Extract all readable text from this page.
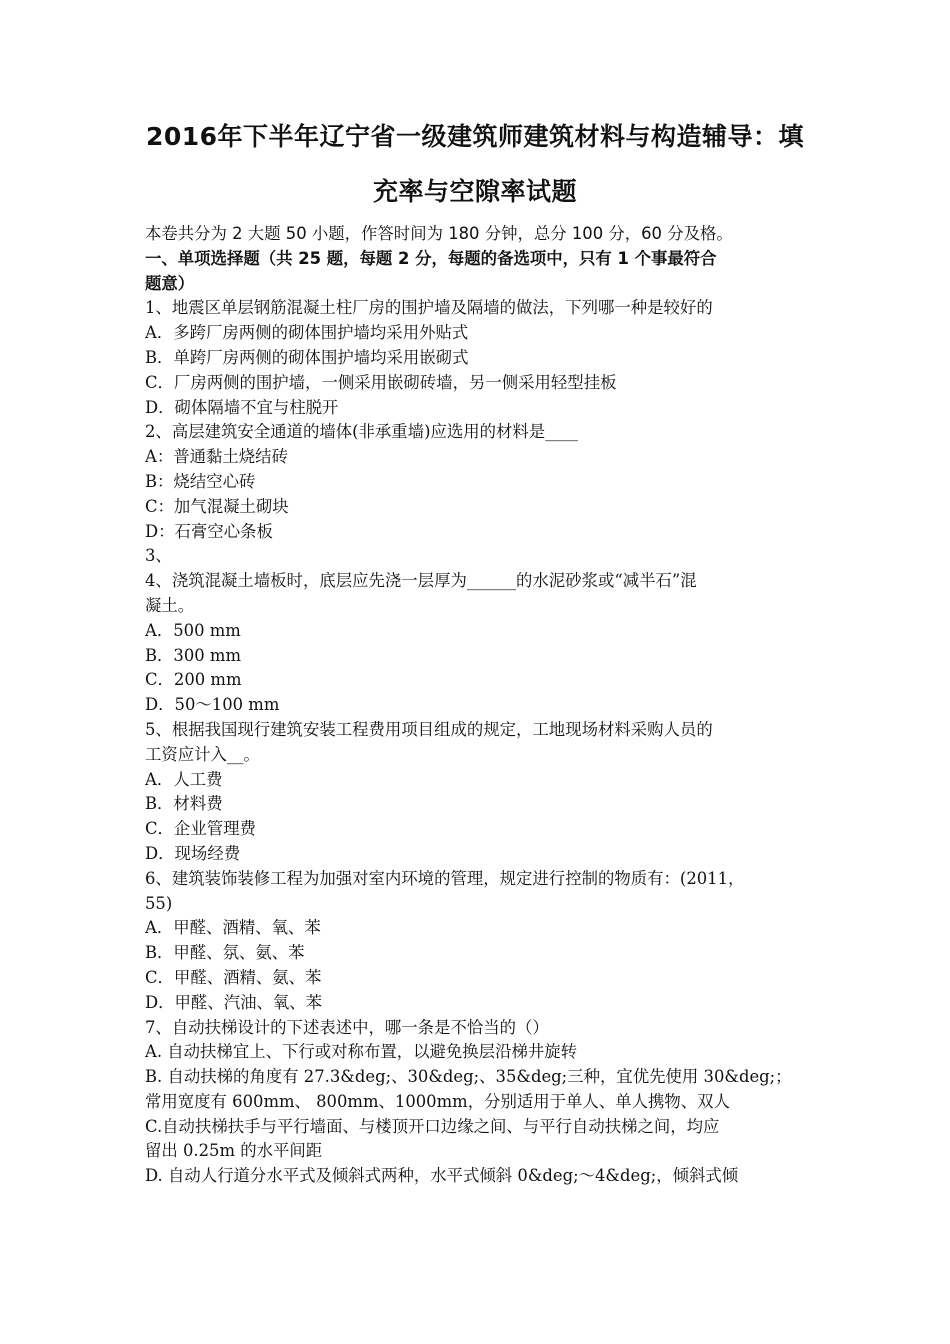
2016年下半年辽宁省一级建筑师建筑材料与构造辅导：填
充率与空隙率试题
本卷共分为 2 大题 50 小题，作答时间为 180 分钟，总分 100 分，60 分及格。
一、单项选择题（共 25 题，每题 2 分，每题的备选项中，只有 1 个事最符合
题意）
1、地震区单层钢筋混凝土柱厂房的围护墙及隔墙的做法，下列哪一种是较好的
A．多跨厂房两侧的砌体围护墙均采用外贴式
B．单跨厂房两侧的砌体围护墙均采用嵌砌式
C．厂房两侧的围护墙，一侧采用嵌砌砖墙，另一侧采用轻型挂板
D．砌体隔墙不宜与柱脱开
2、高层建筑安全通道的墙体(非承重墙)应选用的材料是____
A：普通黏土烧结砖
B：烧结空心砖
C：加气混凝土砌块
D：石膏空心条板
3、
4、浇筑混凝土墙板时，底层应先浇一层厚为______的水泥砂浆或“减半石”混
凝土。
A．500 mm
B．300 mm
C．200 mm
D．50～100 mm
5、根据我国现行建筑安装工程费用项目组成的规定，工地现场材料采购人员的
工资应计入__。
A．人工费
B．材料费
C．企业管理费
D．现场经费
6、建筑装饰装修工程为加强对室内环境的管理，规定进行控制的物质有：(2011，
55)
A．甲醛、酒精、氧、苯
B．甲醛、氛、氨、苯
C．甲醛、酒精、氨、苯
D．甲醛、汽油、氧、苯
7、自动扶梯设计的下述表述中，哪一条是不恰当的（）
A. 自动扶梯宜上、下行或对称布置，以避免换层沿梯井旋转
B. 自动扶梯的角度有 27.3&deg;、30&deg;、35&deg;三种，宜优先使用 30&deg;；
常用宽度有 600mm、 800mm、1000mm，分别适用于单人、单人携物、双人
C.自动扶梯扶手与平行墙面、与楼顶开口边缘之间、与平行自动扶梯之间，均应
留出 0.25m 的水平间距
D. 自动人行道分水平式及倾斜式两种，水平式倾斜 0&deg;～4&deg;，倾斜式倾
